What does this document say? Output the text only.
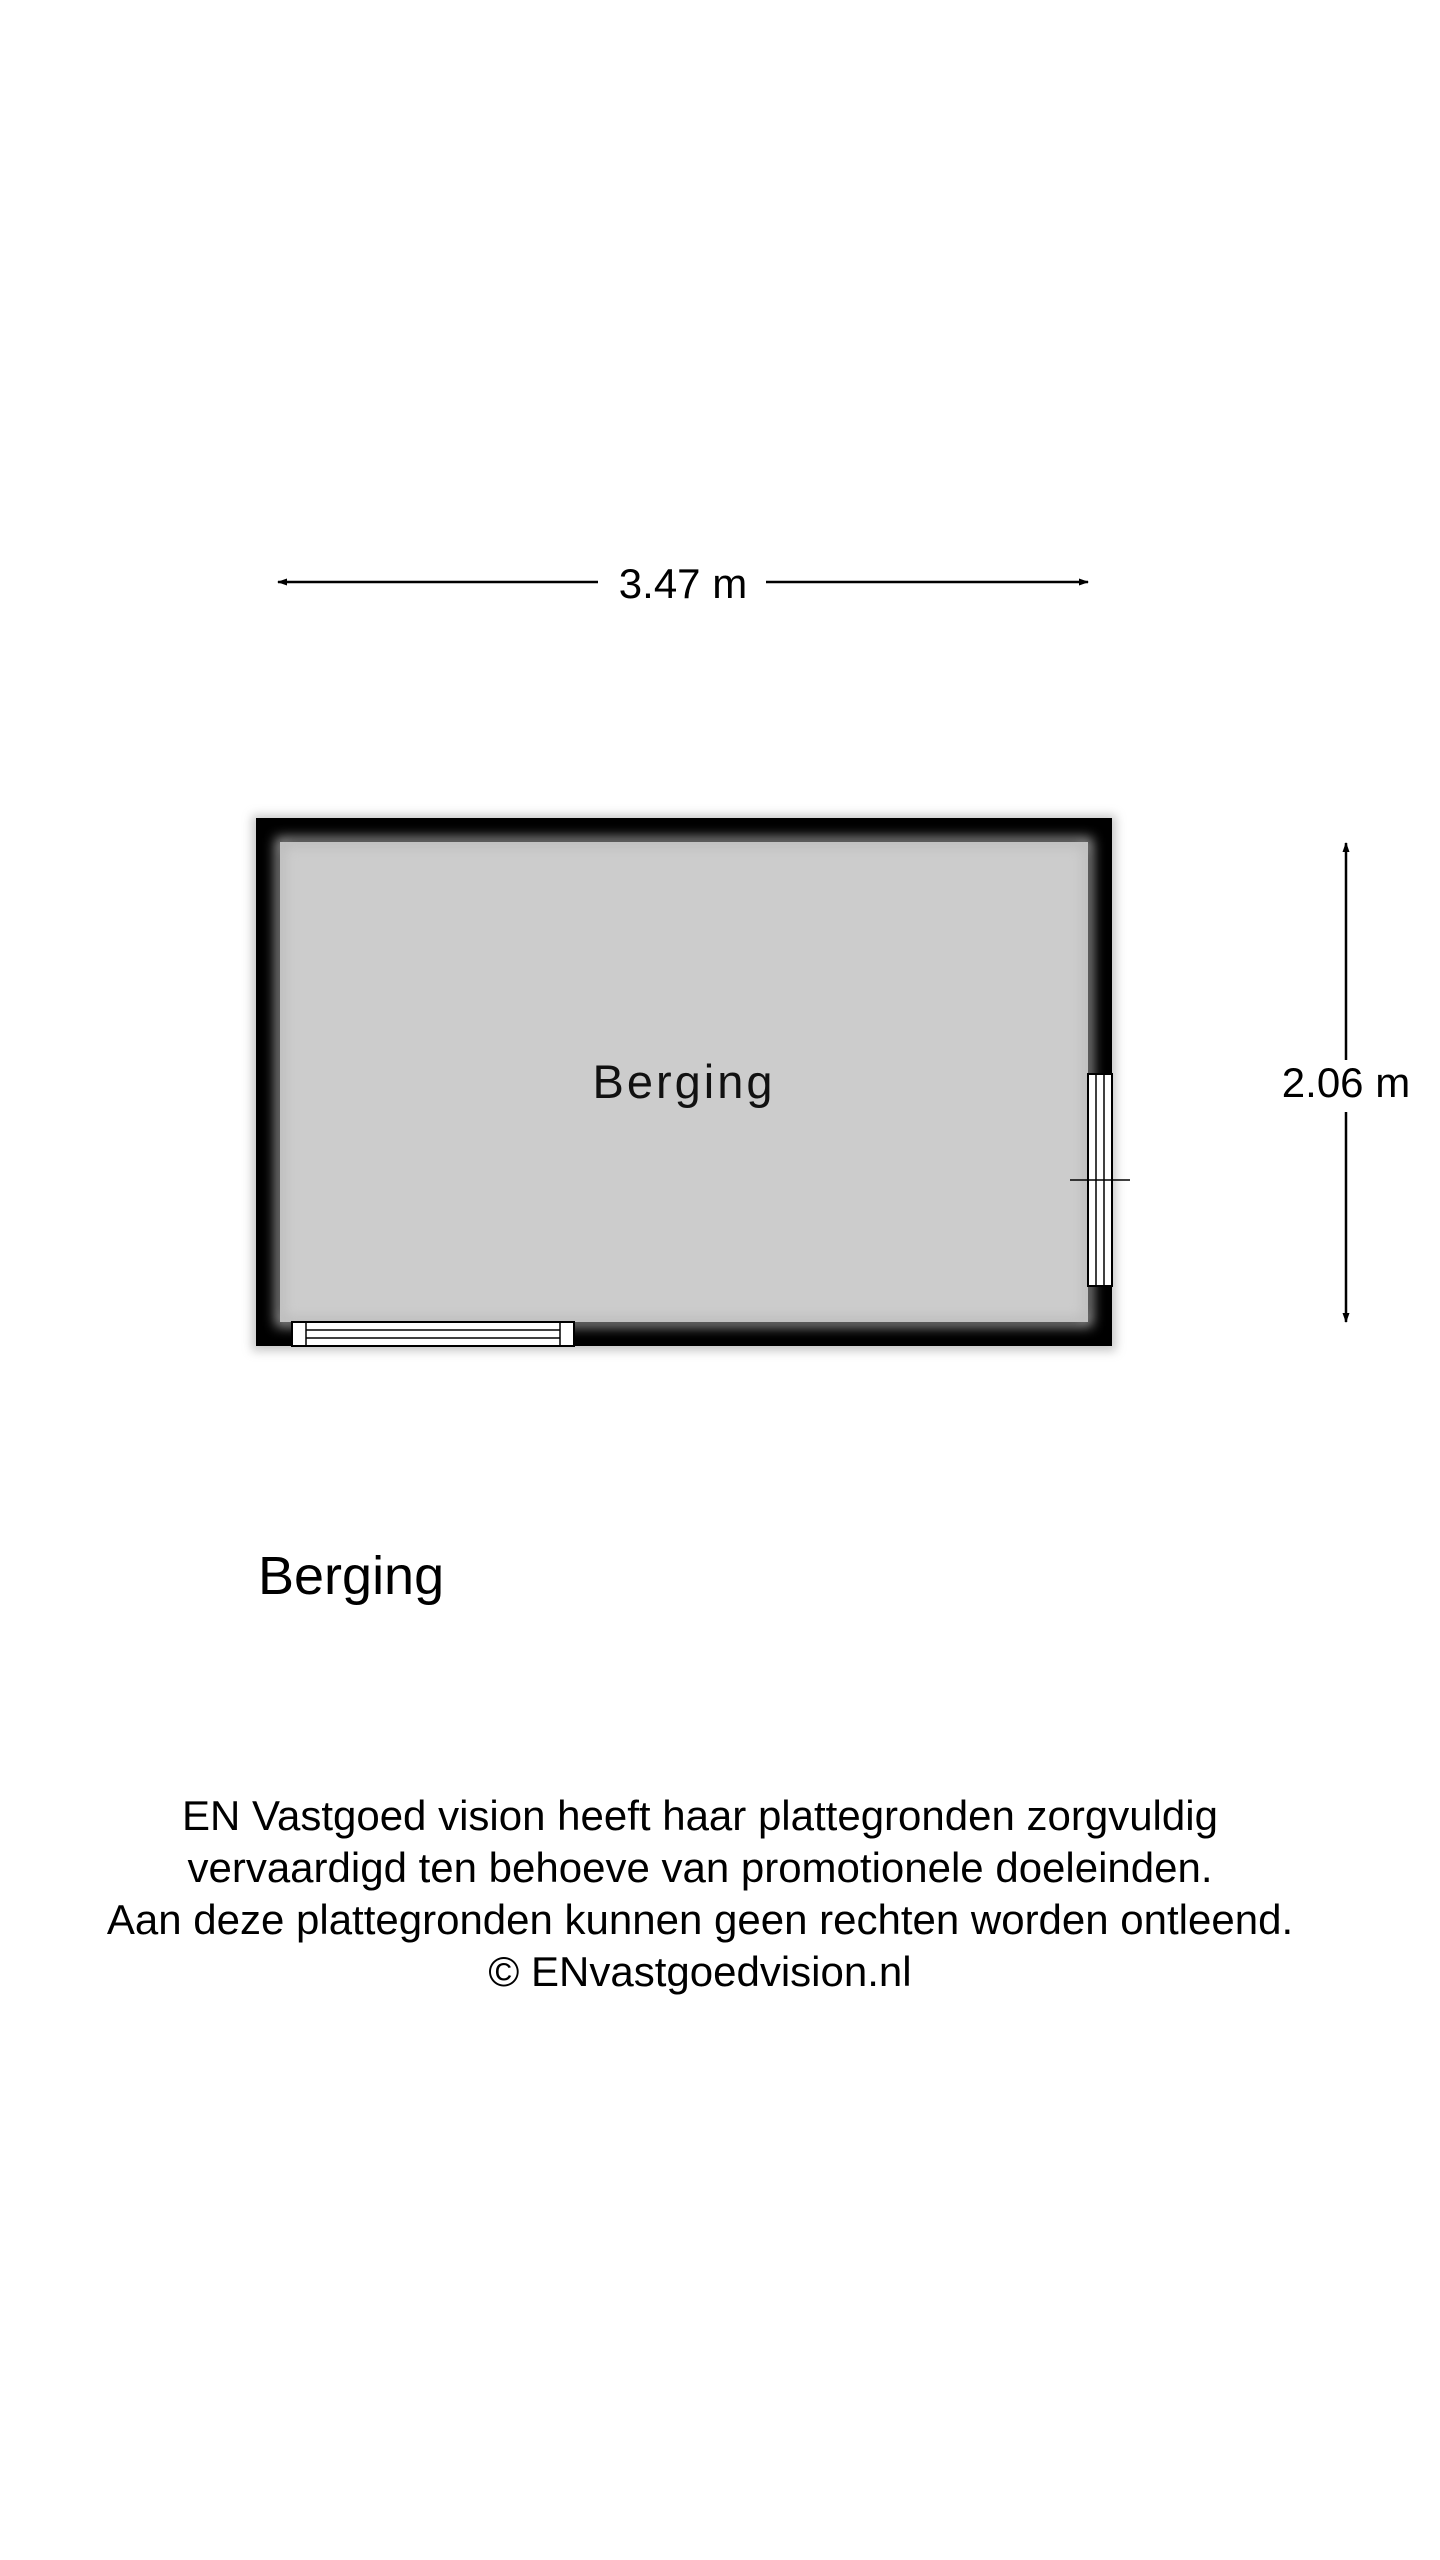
3.47 m
2.06 m
Berging
Berging
EN Vastgoed vision heeft haar plattegronden zorgvuldig
vervaardigd ten behoeve van promotionele doeleinden.
Aan deze plattegronden kunnen geen rechten worden ontleend.
© ENvastgoedvision.nl
